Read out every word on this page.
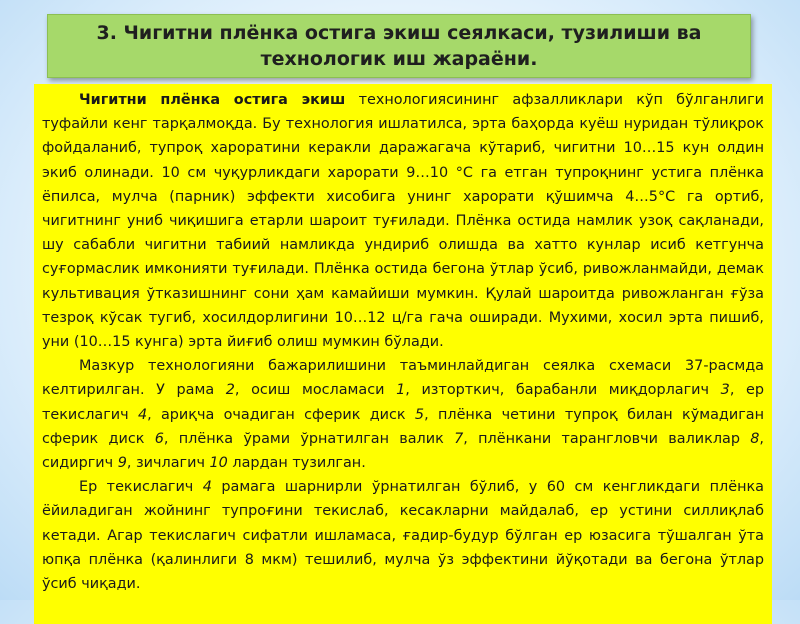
3. Чигитни плёнка остига экиш сеялкаси, тузилиши ва технологик иш жараёни.

Чигитни плёнка остига экиш технологиясининг афзалликлари кўп бўлганлиги туфайли кенг тарқалмоқда. Бу технология ишлатилса, эрта баҳорда куёш нуридан тўлиқрок фойдаланиб, тупроқ хароратини керакли даражагача кўтариб, чигитни 10…15 кун олдин экиб олинади. 10 см чуқурликдаги харорати 9…10 °С га етган тупроқнинг устига плёнка ёпилса, мулча (парник) эффекти хисобига унинг харорати қўшимча 4…5°С га ортиб, чигитнинг униб чиқишига етарли шароит туғилади. Плёнка остида намлик узоқ сақланади, шу сабабли чигитни табиий намликда ундириб олишда ва хатто кунлар исиб кетгунча суғормаслик имконияти туғилади. Плёнка остида бегона ўтлар ўсиб, ривожланмайди, демак культивация ўтказишнинг сони ҳам камайиши мумкин. Қулай шароитда ривожланган ғўза тезроқ кўсак тугиб, хосилдорлигини 10…12 ц/га гача оширади. Мухими, хосил эрта пишиб, уни (10…15 кунга) эрта йиғиб олиш мумкин бўлади.

Мазкур технологияни бажарилишини таъминлайдиган сеялка схемаси 37-расмда келтирилган. У рама 2, осиш мосламаси 1, изторткич, барабанли миқдорлагич 3, ер текислагич 4, ариқча очадиган сферик диск 5, плёнка четини тупроқ билан кўмадиган сферик диск 6, плёнка ўрами ўрнатилган валик 7, плёнкани тарангловчи валиклар 8, сидиргич 9, зичлагич 10 лардан тузилган.

Ер текислагич 4 рамага шарнирли ўрнатилган бўлиб, у 60 см кенгликдаги плёнка ёйиладиган жойнинг тупроғини текислаб, кесакларни майдалаб, ер устини силлиқлаб кетади. Агар текислагич сифатли ишламаса, ғадир-будур бўлган ер юзасига тўшалган ўта юпқа плёнка (қалинлиги 8 мкм) тешилиб, мулча ўз эффектини йўқотади ва бегона ўтлар ўсиб чиқади.
